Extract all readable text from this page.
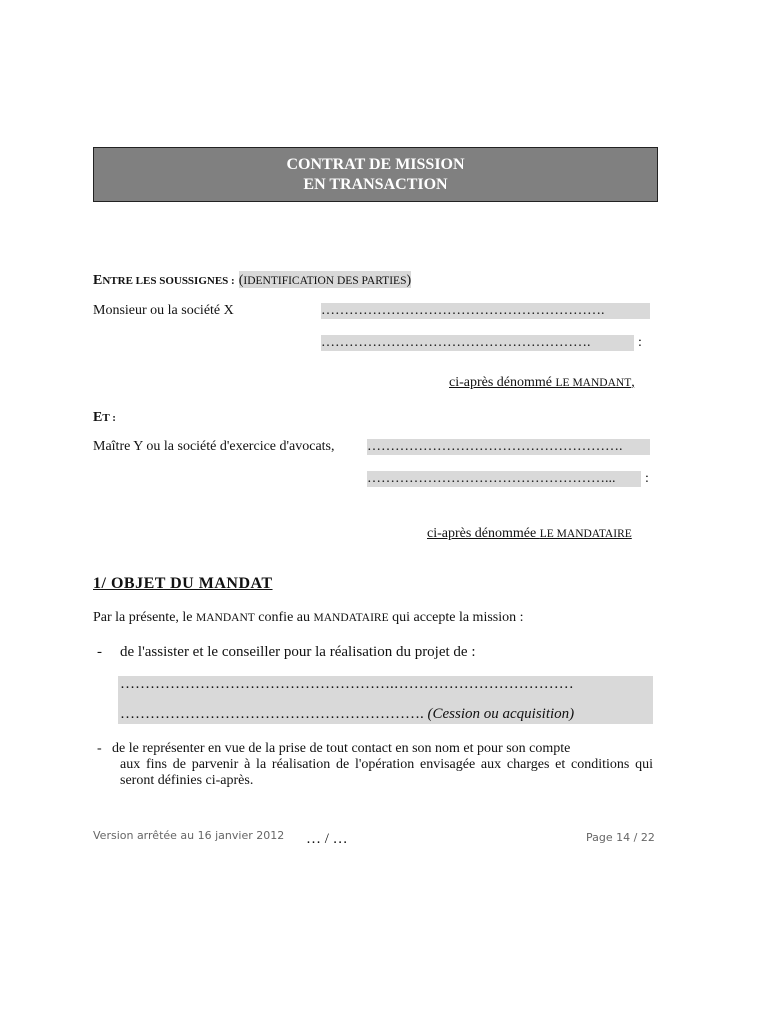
CONTRAT DE MISSION
EN TRANSACTION
ENTRE LES SOUSSIGNES : (IDENTIFICATION DES PARTIES)
Monsieur ou la société X	…………………………………………………….
………………………………………………….	:
ci-après dénommé LE MANDANT,
ET :
Maître Y ou la société d'exercice d'avocats, ……………………………………………….
……………………………………………...	:
ci-après dénommée LE MANDATAIRE
1/ OBJET DU MANDAT
Par la présente, le MANDANT confie au MANDATAIRE qui accepte la mission :
- de l'assister et le conseiller pour la réalisation du projet de :
……………………………………………….………………………………
……………………………………………………. (Cession ou acquisition)
- de le représenter en vue de la prise de tout contact en son nom et pour son compte
aux fins de parvenir à la réalisation de l'opération envisagée aux charges et conditions qui seront définies ci-après.
Version arrêtée au 16 janvier 2012 … / …	Page 14 / 22
